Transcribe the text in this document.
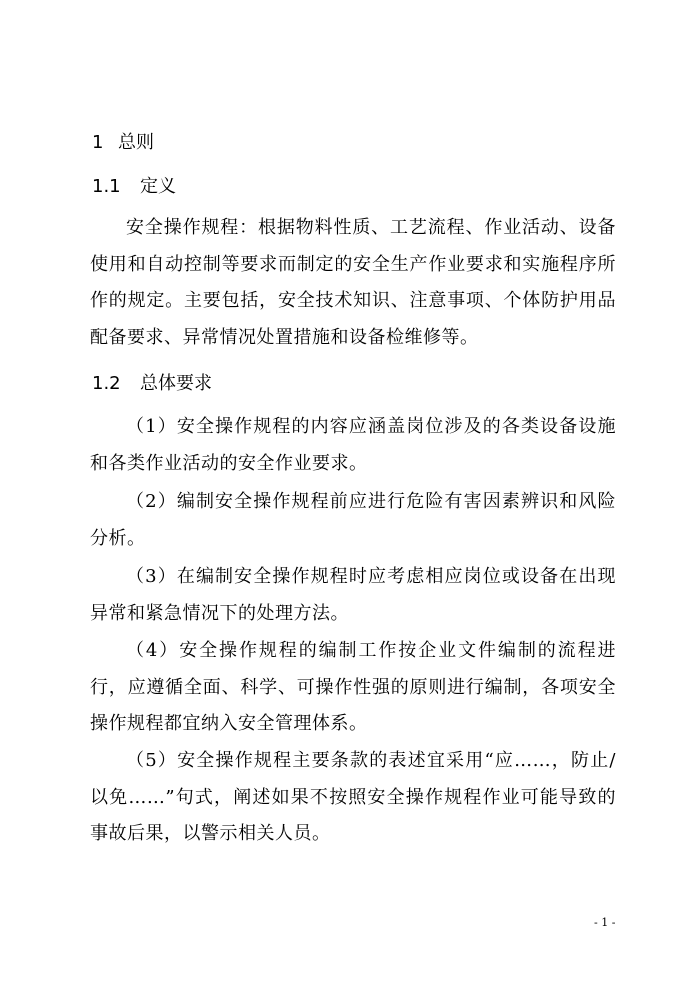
1 总则
1.1 定义

安全操作规程：根据物料性质、工艺流程、作业活动、设备使用和自动控制等要求而制定的安全生产作业要求和实施程序所作的规定。主要包括，安全技术知识、注意事项、个体防护用品配备要求、异常情况处置措施和设备检维修等。

1.2 总体要求

（1）安全操作规程的内容应涵盖岗位涉及的各类设备设施和各类作业活动的安全作业要求。

（2）编制安全操作规程前应进行危险有害因素辨识和风险分析。

（3）在编制安全操作规程时应考虑相应岗位或设备在出现异常和紧急情况下的处理方法。

（4）安全操作规程的编制工作按企业文件编制的流程进行，应遵循全面、科学、可操作性强的原则进行编制，各项安全操作规程都宜纳入安全管理体系。

（5）安全操作规程主要条款的表述宜采用“应……，防止/以免……”句式，阐述如果不按照安全操作规程作业可能导致的事故后果，以警示相关人员。

- 1 -
